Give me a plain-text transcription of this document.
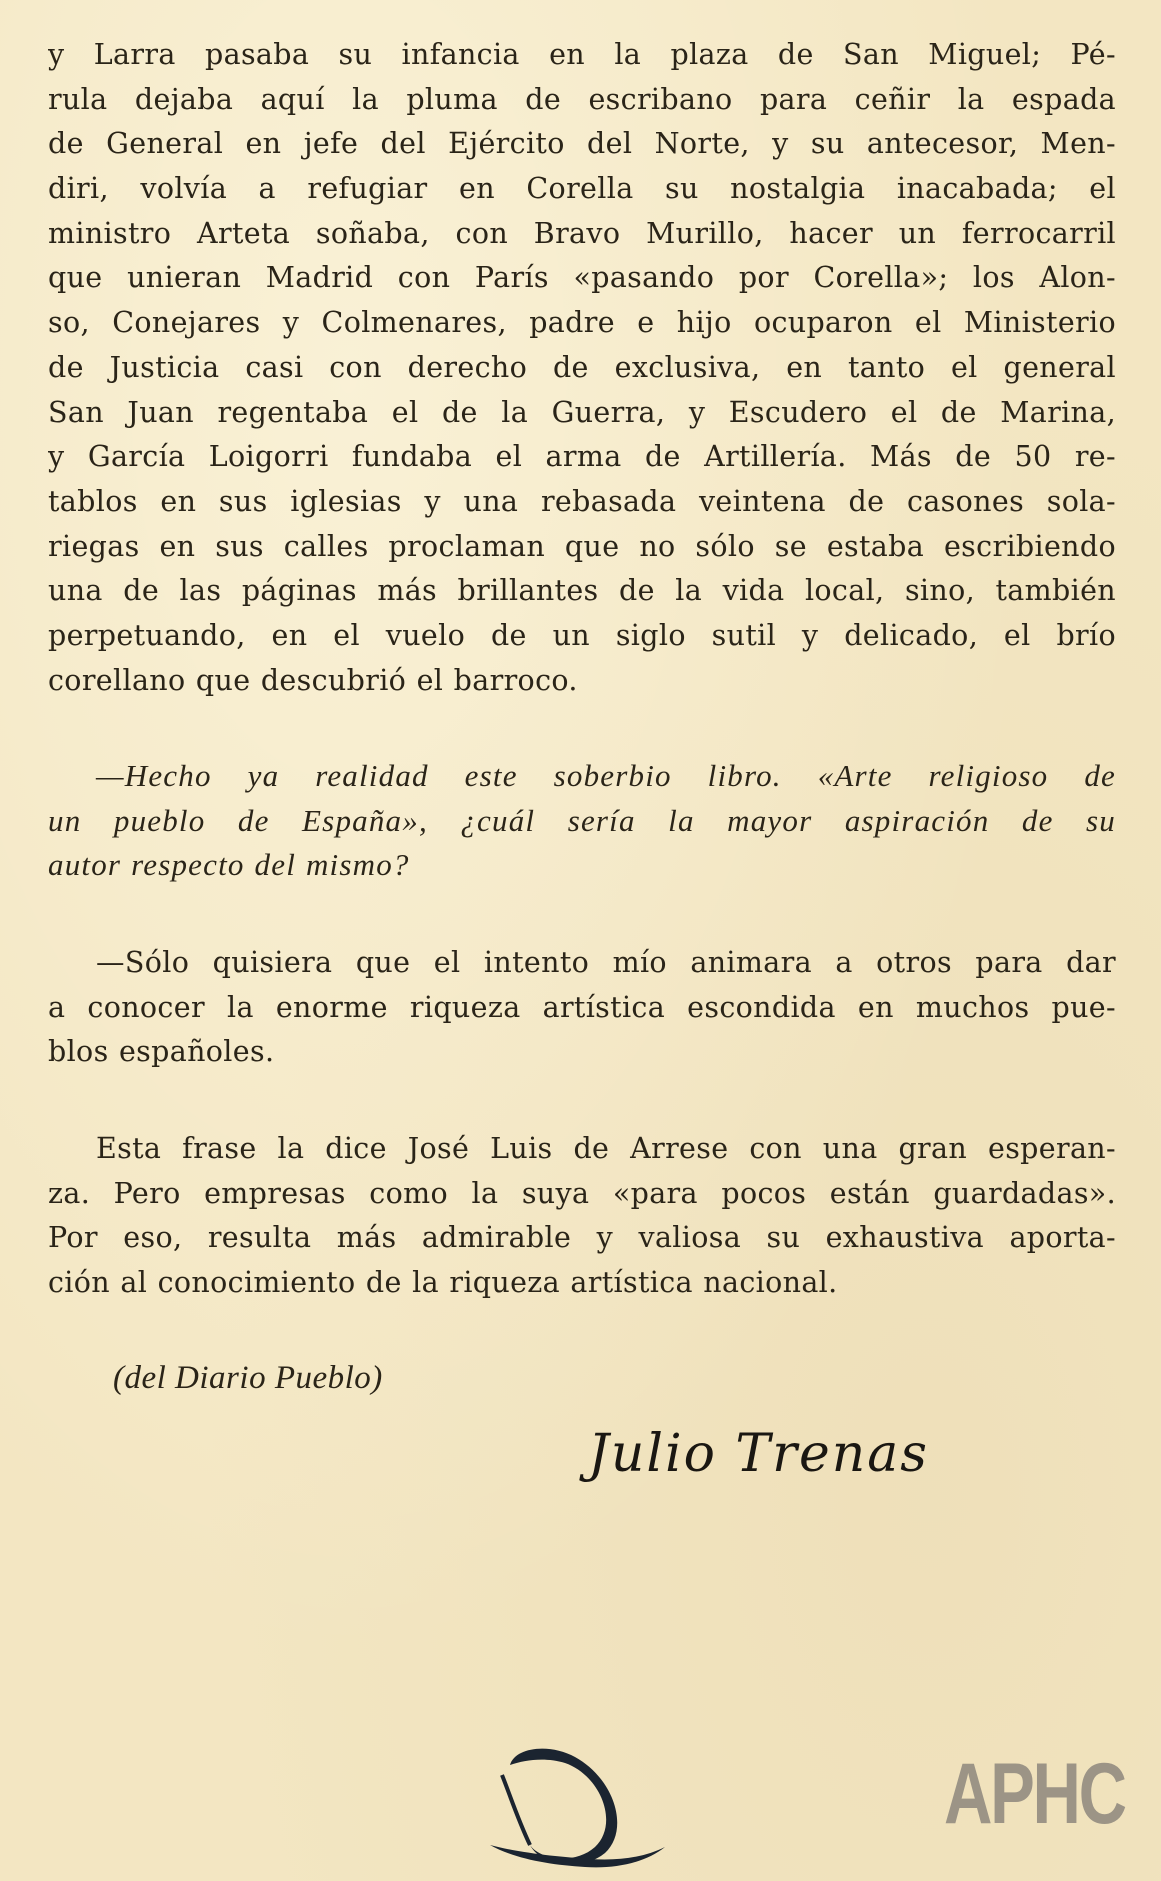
y Larra pasaba su infancia en la plaza de San Miguel; Pé-
rula dejaba aquí la pluma de escribano para ceñir la espada
de General en jefe del Ejército del Norte, y su antecesor, Men-
diri, volvía a refugiar en Corella su nostalgia inacabada; el
ministro Arteta soñaba, con Bravo Murillo, hacer un ferrocarril
que unieran Madrid con París «pasando por Corella»; los Alon-
so, Conejares y Colmenares, padre e hijo ocuparon el Ministerio
de Justicia casi con derecho de exclusiva, en tanto el general
San Juan regentaba el de la Guerra, y Escudero el de Marina,
y García Loigorri fundaba el arma de Artillería. Más de 50 re-
tablos en sus iglesias y una rebasada veintena de casones sola-
riegas en sus calles proclaman que no sólo se estaba escribiendo
una de las páginas más brillantes de la vida local, sino, también
perpetuando, en el vuelo de un siglo sutil y delicado, el brío
corellano que descubrió el barroco.
—Hecho ya realidad este soberbio libro. «Arte religioso de
un pueblo de España», ¿cuál sería la mayor aspiración de su
autor respecto del mismo?
—Sólo quisiera que el intento mío animara a otros para dar
a conocer la enorme riqueza artística escondida en muchos pue-
blos españoles.
Esta frase la dice José Luis de Arrese con una gran esperan-
za. Pero empresas como la suya «para pocos están guardadas».
Por eso, resulta más admirable y valiosa su exhaustiva aporta-
ción al conocimiento de la riqueza artística nacional.
(del Diario Pueblo)
Julio Trenas
APHC
